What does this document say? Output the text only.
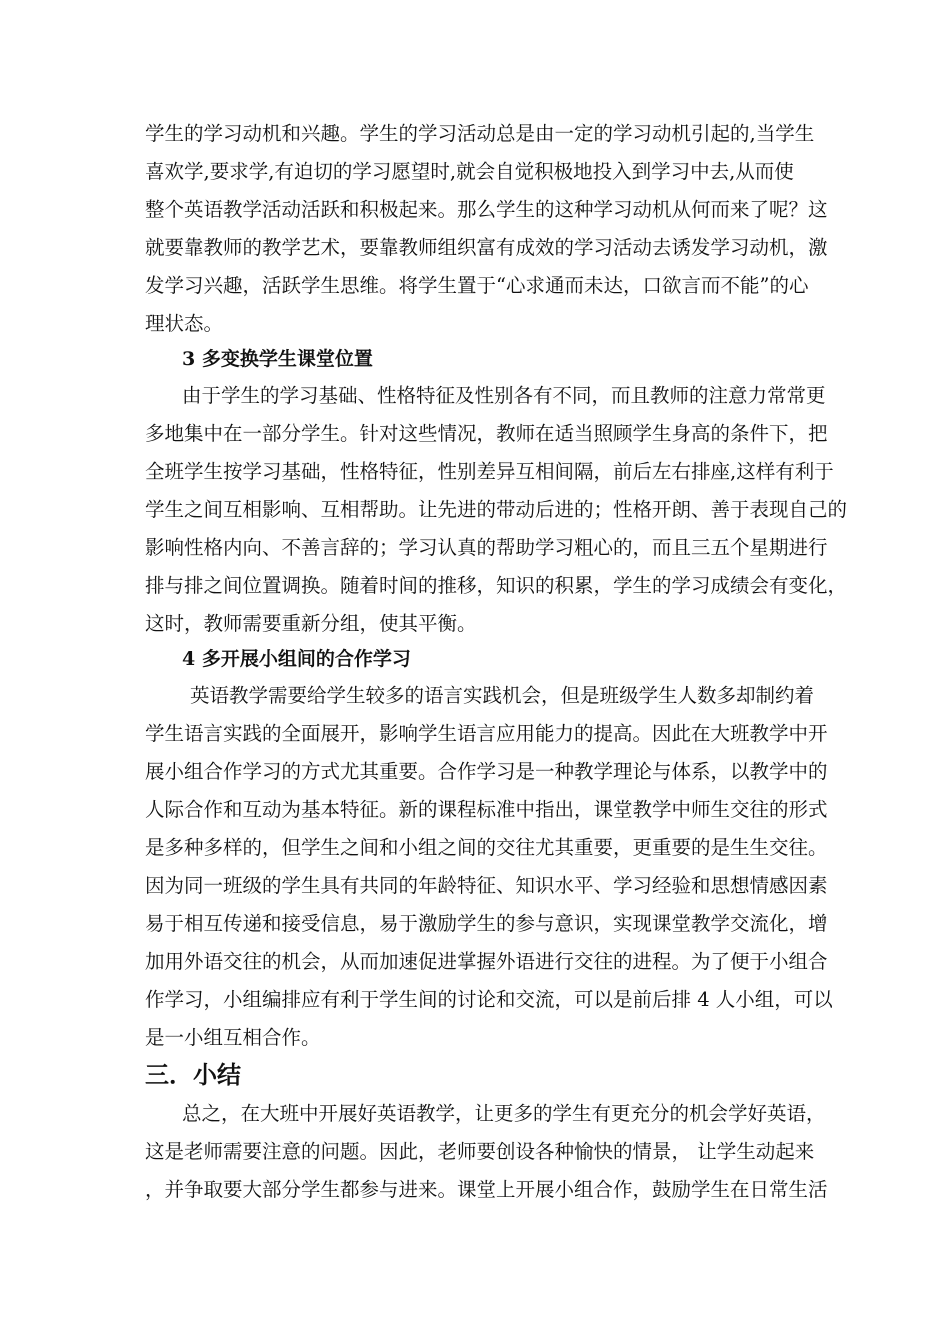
学生的学习动机和兴趣。学生的学习活动总是由一定的学习动机引起的,当学生
喜欢学,要求学,有迫切的学习愿望时,就会自觉积极地投入到学习中去,从而使
整个英语教学活动活跃和积极起来。那么学生的这种学习动机从何而来了呢？这
就要靠教师的教学艺术，要靠教师组织富有成效的学习活动去诱发学习动机，激
发学习兴趣，活跃学生思维。将学生置于“心求通而未达，口欲言而不能”的心
理状态。
3 多变换学生课堂位置
由于学生的学习基础、性格特征及性别各有不同，而且教师的注意力常常更
多地集中在一部分学生。针对这些情况，教师在适当照顾学生身高的条件下，把
全班学生按学习基础，性格特征，性别差异互相间隔，前后左右排座,这样有利于
学生之间互相影响、互相帮助。让先进的带动后进的；性格开朗、善于表现自己的
影响性格内向、不善言辞的；学习认真的帮助学习粗心的，而且三五个星期进行
排与排之间位置调换。随着时间的推移，知识的积累，学生的学习成绩会有变化，
这时，教师需要重新分组，使其平衡。
4 多开展小组间的合作学习
英语教学需要给学生较多的语言实践机会，但是班级学生人数多却制约着
学生语言实践的全面展开，影响学生语言应用能力的提高。因此在大班教学中开
展小组合作学习的方式尤其重要。合作学习是一种教学理论与体系，以教学中的
人际合作和互动为基本特征。新的课程标准中指出，课堂教学中师生交往的形式
是多种多样的，但学生之间和小组之间的交往尤其重要，更重要的是生生交往。
因为同一班级的学生具有共同的年龄特征、知识水平、学习经验和思想情感因素
易于相互传递和接受信息，易于激励学生的参与意识，实现课堂教学交流化，增
加用外语交往的机会，从而加速促进掌握外语进行交往的进程。为了便于小组合
作学习，小组编排应有利于学生间的讨论和交流，可以是前后排 4 人小组，可以
是一小组互相合作。
三．小结
总之，在大班中开展好英语教学，让更多的学生有更充分的机会学好英语，
这是老师需要注意的问题。因此，老师要创设各种愉快的情景， 让学生动起来
，并争取要大部分学生都参与进来。课堂上开展小组合作，鼓励学生在日常生活
